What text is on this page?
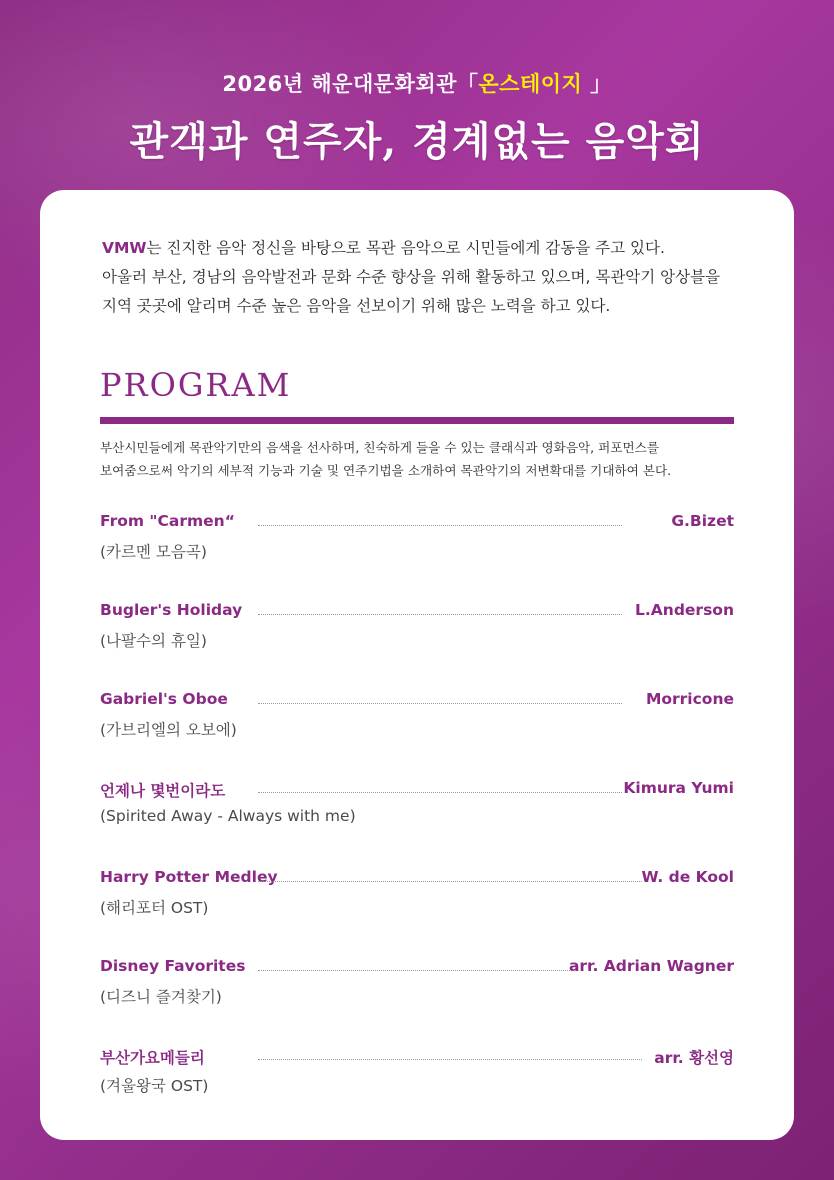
2026년 해운대문화회관「온스테이지 」
관객과 연주자, 경계없는 음악회
VMW는 진지한 음악 정신을 바탕으로 목관 음악으로 시민들에게 감동을 주고 있다.
아울러 부산, 경남의 음악발전과 문화 수준 향상을 위해 활동하고 있으며, 목관악기 앙상블을
지역 곳곳에 알리며 수준 높은 음악을 선보이기 위해 많은 노력을 하고 있다.
PROGRAM
부산시민들에게 목관악기만의 음색을 선사하며, 친숙하게 들을 수 있는 클래식과 영화음악, 퍼포먼스를
보여줌으로써 악기의 세부적 기능과 기술 및 연주기법을 소개하여 목관악기의 저변확대를 기대하여 본다.
From "Carmen“	G.Bizet
(카르멘 모음곡)
Bugler's Holiday	L.Anderson
(나팔수의 휴일)
Gabriel's Oboe	Morricone
(가브리엘의 오보에)
언제나 몇번이라도	Kimura Yumi
(Spirited Away - Always with me)
Harry Potter Medley	W. de Kool
(해리포터 OST)
Disney Favorites	arr. Adrian Wagner
(디즈니 즐겨찾기)
부산가요메들리	arr. 황선영
(겨울왕국 OST)
